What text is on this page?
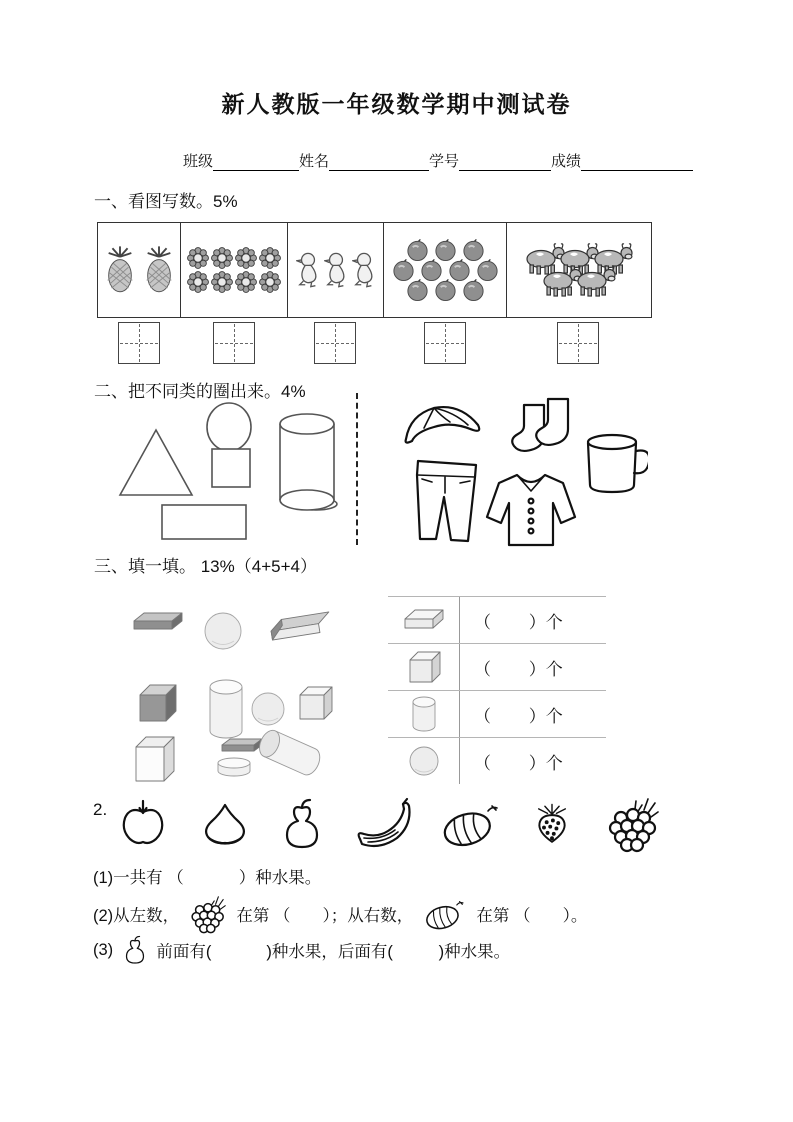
新人教版一年级数学期中测试卷
班级	姓名	学号	成绩
一、看图写数。5%
二、把不同类的圈出来。4%
三、填一填。 13%（4+5+4）
（        ）个
（        ）个
（        ）个
（        ）个
2.
(1)一共有 （            ）种水果。
(2)从左数，	在第 （       ）；从右数，	在第 （       ）。
(3) 前面有(            )种水果，后面有(          )种水果。
